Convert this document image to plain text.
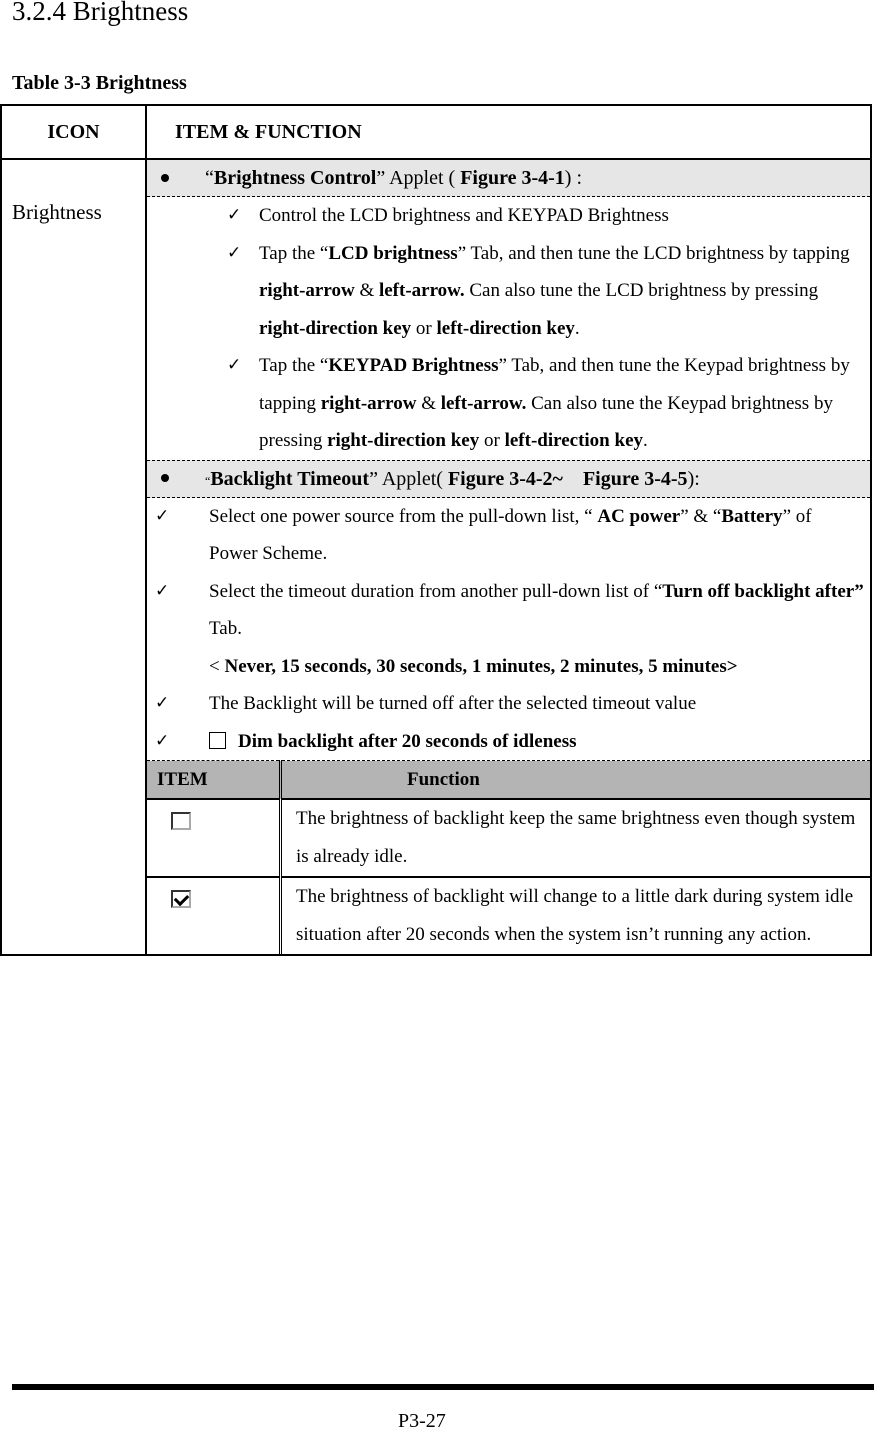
3.2.4 Brightness
Table 3-3 Brightness
ICON	ITEM & FUNCTION
Brightness	
“Brightness Control” Applet ( Figure 3-4-1) :
✓ Control the LCD brightness and KEYPAD Brightness
✓ Tap the “LCD brightness” Tab, and then tune the LCD brightness by tapping right-arrow & left-arrow. Can also tune the LCD brightness by pressing right-direction key or left-direction key.
✓ Tap the “KEYPAD Brightness” Tab, and then tune the Keypad brightness by tapping right-arrow & left-arrow. Can also tune the Keypad brightness by pressing right-direction key or left-direction key.
“Backlight Timeout” Applet( Figure 3-4-2~    Figure 3-4-5):
✓ Select one power source from the pull-down list, “ AC power” & “Battery” of Power Scheme.
✓ Select the timeout duration from another pull-down list of “Turn off backlight after” Tab.
< Never, 15 seconds, 30 seconds, 1 minutes, 2 minutes, 5 minutes>
✓ The Backlight will be turned off after the selected timeout value
✓	Dim backlight after 20 seconds of idleness
ITEM	Function
	The brightness of backlight keep the same brightness even though system is already idle.
	The brightness of backlight will change to a little dark during system idle situation after 20 seconds when the system isn’t running any action.
P3-27
